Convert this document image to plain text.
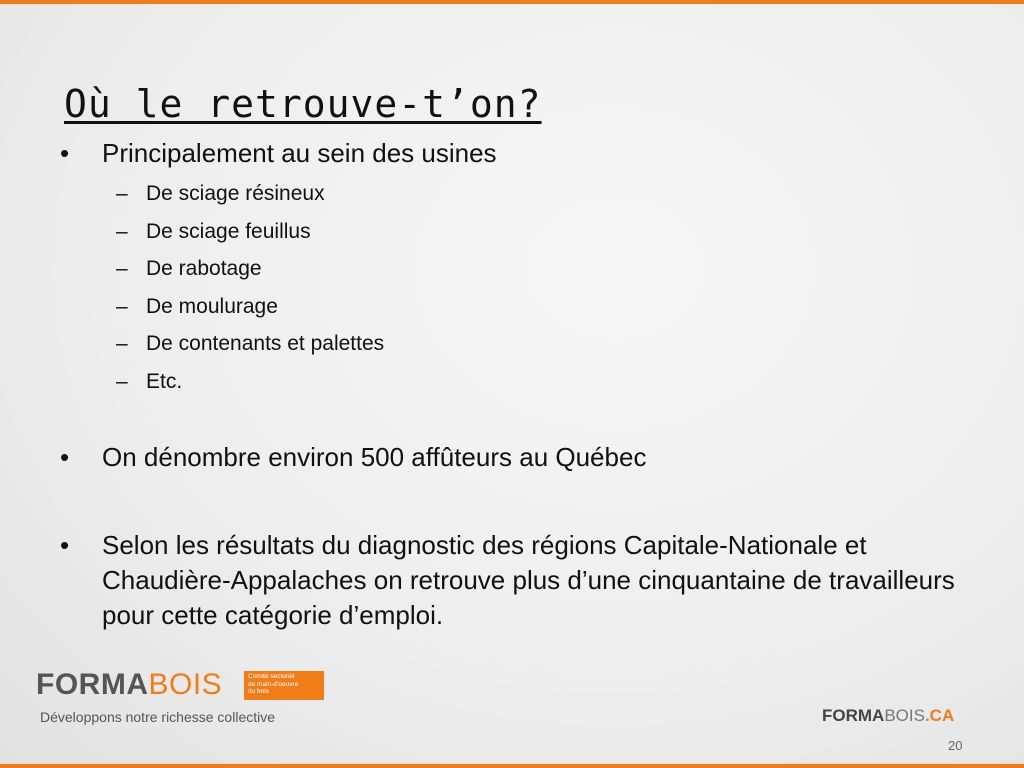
Où le retrouve-t’on?
• Principalement au sein des usines
– De sciage résineux
– De sciage feuillus
– De rabotage
– De moulurage
– De contenants et palettes
– Etc.
• On dénombre environ 500 affûteurs au Québec
• Selon les résultats du diagnostic des régions Capitale-Nationale et Chaudière-Appalaches on retrouve plus d’une cinquantaine de travailleurs pour cette catégorie d’emploi.
FORMABOIS	Comité sectoriel
de main-d’oeuvre
du bois
Développons notre richesse collective	FORMABOIS.CA
20
